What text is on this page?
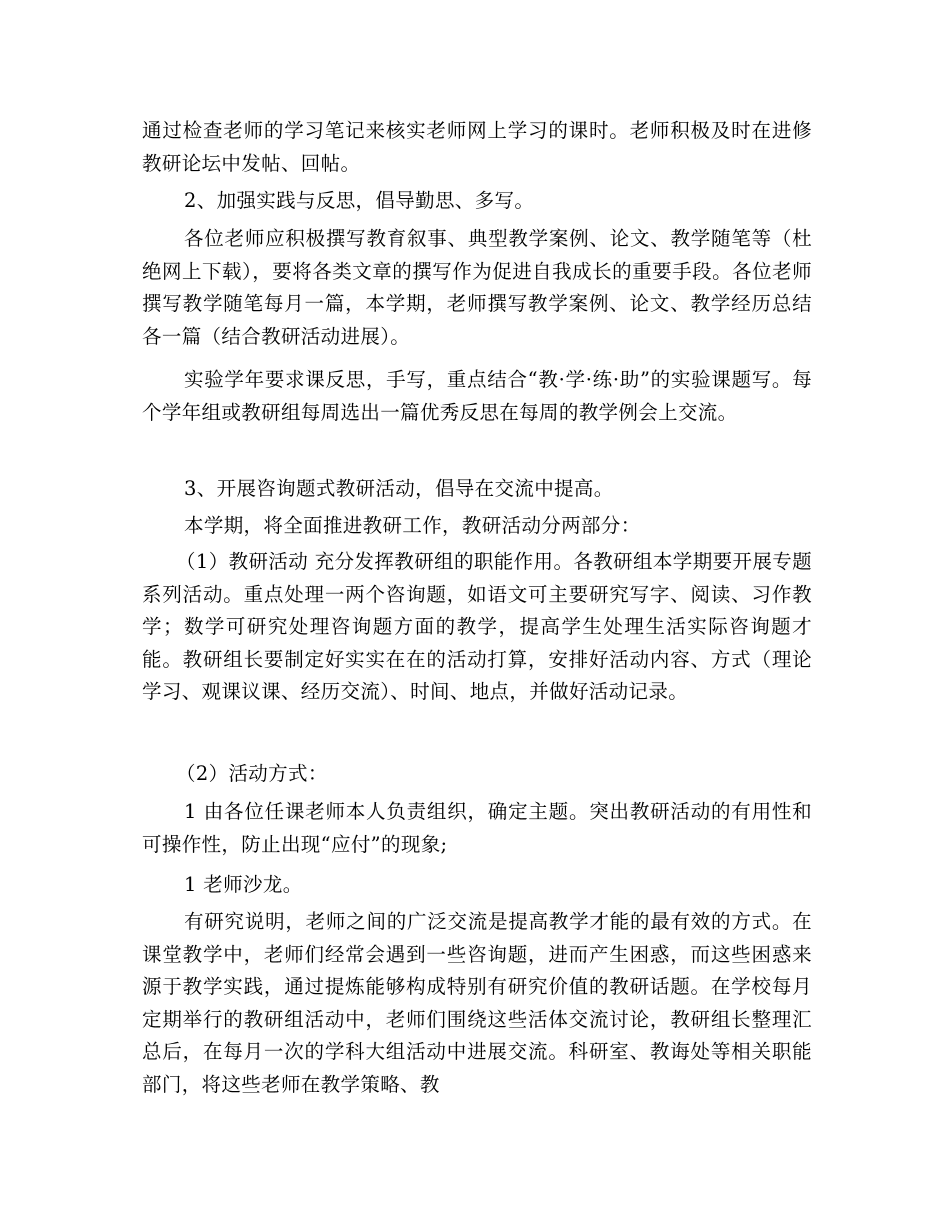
通过检查老师的学习笔记来核实老师网上学习的课时。老师积极及时在进修教研论坛中发帖、回帖。

2、加强实践与反思，倡导勤思、多写。

各位老师应积极撰写教育叙事、典型教学案例、论文、教学随笔等（杜绝网上下载），要将各类文章的撰写作为促进自我成长的重要手段。各位老师撰写教学随笔每月一篇，本学期，老师撰写教学案例、论文、教学经历总结各一篇（结合教研活动进展）。

实验学年要求课反思，手写，重点结合“教·学·练·助”的实验课题写。每个学年组或教研组每周选出一篇优秀反思在每周的教学例会上交流。

3、开展咨询题式教研活动，倡导在交流中提高。

本学期，将全面推进教研工作，教研活动分两部分：

（1）教研活动 充分发挥教研组的职能作用。各教研组本学期要开展专题系列活动。重点处理一两个咨询题，如语文可主要研究写字、阅读、习作教学；数学可研究处理咨询题方面的教学，提高学生处理生活实际咨询题才能。教研组长要制定好实实在在的活动打算，安排好活动内容、方式（理论学习、观课议课、经历交流）、时间、地点，并做好活动记录。

（2）活动方式：

1 由各位任课老师本人负责组织，确定主题。突出教研活动的有用性和可操作性，防止出现“应付”的现象;

1 老师沙龙。

有研究说明，老师之间的广泛交流是提高教学才能的最有效的方式。在课堂教学中，老师们经常会遇到一些咨询题，进而产生困惑，而这些困惑来源于教学实践，通过提炼能够构成特别有研究价值的教研话题。在学校每月定期举行的教研组活动中，老师们围绕这些活体交流讨论，教研组长整理汇总后，在每月一次的学科大组活动中进展交流。科研室、教诲处等相关职能部门，将这些老师在教学策略、教
